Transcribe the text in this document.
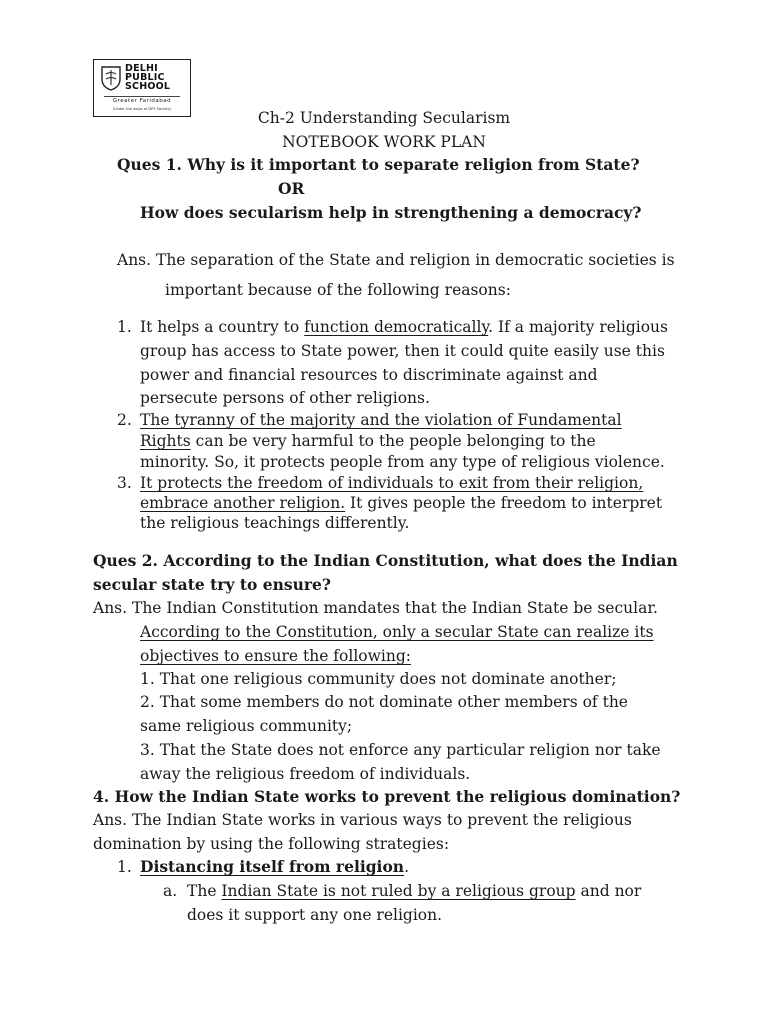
DELHI
PUBLIC
SCHOOL
Greater Faridabad
(Under the aegis of DPS Society)	Ch-2 Understanding Secularism
NOTEBOOK WORK PLAN
Ques 1. Why is it important to separate religion from State?
OR
How does secularism help in strengthening a democracy?
Ans. The separation of the State and religion in democratic societies is
important because of the following reasons:
1. It helps a country to function democratically. If a majority religious
group has access to State power, then it could quite easily use this
power and financial resources to discriminate against and
persecute persons of other religions.
2. The tyranny of the majority and the violation of Fundamental
Rights can be very harmful to the people belonging to the
minority. So, it protects people from any type of religious violence.
3. It protects the freedom of individuals to exit from their religion,
embrace another religion. It gives people the freedom to interpret
the religious teachings differently.
Ques 2. According to the Indian Constitution, what does the Indian
secular state try to ensure?
Ans. The Indian Constitution mandates that the Indian State be secular.
According to the Constitution, only a secular State can realize its
objectives to ensure the following:
1. That one religious community does not dominate another;
2. That some members do not dominate other members of the
same religious community;
3. That the State does not enforce any particular religion nor take
away the religious freedom of individuals.
4. How the Indian State works to prevent the religious domination?
Ans. The Indian State works in various ways to prevent the religious
domination by using the following strategies:
1. Distancing itself from religion.
a. The Indian State is not ruled by a religious group and nor
does it support any one religion.
